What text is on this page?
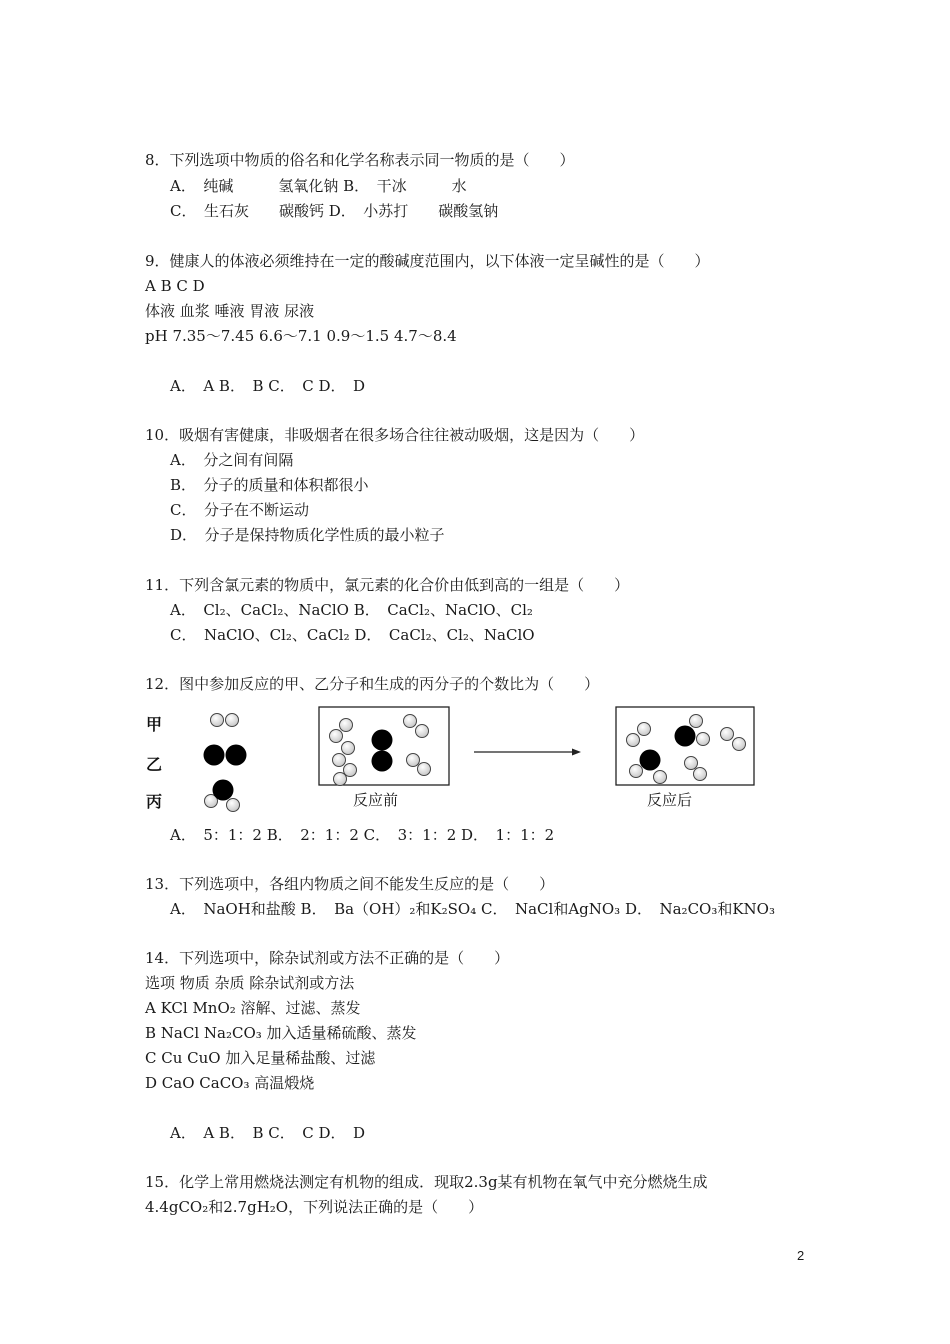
8．下列选项中物质的俗名和化学名称表示同一物质的是（　　）
A．　纯碱　　　氢氧化钠 B．　干冰　　　水
C．　生石灰　　碳酸钙 D．　小苏打　　碳酸氢钠
9．健康人的体液必须维持在一定的酸碱度范围内，以下体液一定呈碱性的是（　　）
A B C D
体液 血浆 唾液 胃液 尿液
pH 7.35～7.45 6.6～7.1 0.9～1.5 4.7～8.4
A．　A B．　B C．　C D．　D
10．吸烟有害健康，非吸烟者在很多场合往往被动吸烟，这是因为（　　）
A．　分之间有间隔
B．　分子的质量和体积都很小
C．　分子在不断运动
D．　分子是保持物质化学性质的最小粒子
11．下列含氯元素的物质中，氯元素的化合价由低到高的一组是（　　）
A．　Cl₂、CaCl₂、NaClO B．　CaCl₂、NaClO、Cl₂
C．　NaClO、Cl₂、CaCl₂ D．　CaCl₂、Cl₂、NaClO
12．图中参加反应的甲、乙分子和生成的丙分子的个数比为（　　）
甲
乙
丙	反应前	反应后
A．　5：1：2 B．　2：1：2 C．　3：1：2 D．　1：1：2
13．下列选项中，各组内物质之间不能发生反应的是（　　）
A．　NaOH和盐酸 B．　Ba（OH）₂和K₂SO₄ C．　NaCl和AgNO₃ D．　Na₂CO₃和KNO₃
14．下列选项中，除杂试剂或方法不正确的是（　　）
选项 物质 杂质 除杂试剂或方法
A KCl MnO₂ 溶解、过滤、蒸发
B NaCl Na₂CO₃ 加入适量稀硫酸、蒸发
C Cu CuO 加入足量稀盐酸、过滤
D CaO CaCO₃ 高温煅烧
A．　A B．　B C．　C D．　D
15．化学上常用燃烧法测定有机物的组成．现取2.3g某有机物在氧气中充分燃烧生成
4.4gCO₂和2.7gH₂O，下列说法正确的是（　　）
2
